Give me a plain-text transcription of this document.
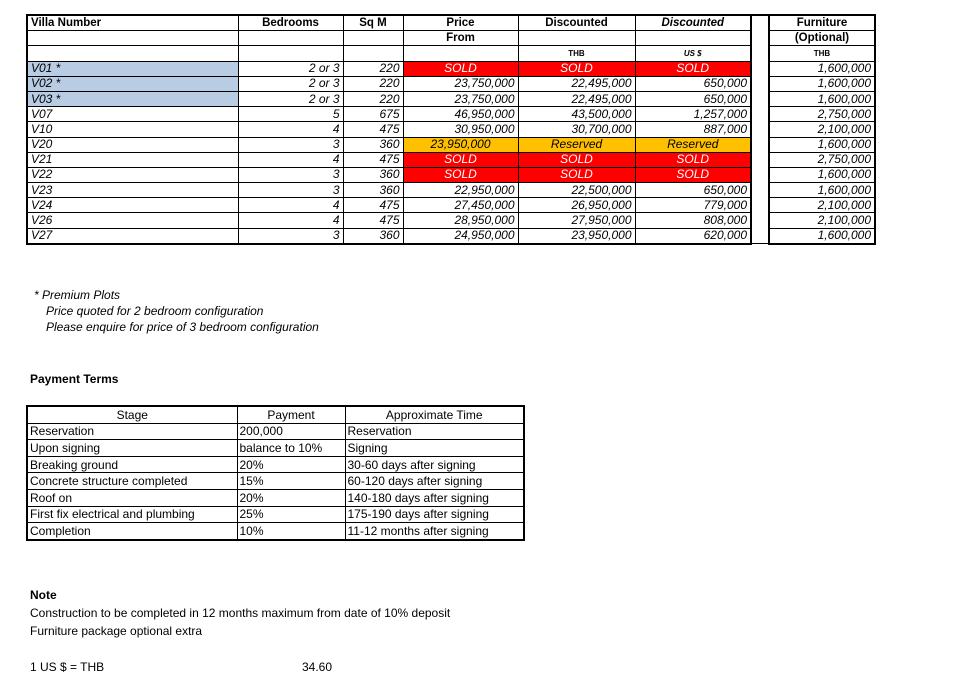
Villa Number	Bedrooms	Sq M	Price	Discounted	Discounted		Furniture
			From				(Optional)
				THB	US $		THB
V01 *	2 or 3	220	SOLD	SOLD	SOLD		1,600,000
V02 *	2 or 3	220	23,750,000	22,495,000	650,000		1,600,000
V03 *	2 or 3	220	23,750,000	22,495,000	650,000		1,600,000
V07	5	675	46,950,000	43,500,000	1,257,000		2,750,000
V10	4	475	30,950,000	30,700,000	887,000		2,100,000
V20	3	360	23,950,000	Reserved	Reserved		1,600,000
V21	4	475	SOLD	SOLD	SOLD		2,750,000
V22	3	360	SOLD	SOLD	SOLD		1,600,000
V23	3	360	22,950,000	22,500,000	650,000		1,600,000
V24	4	475	27,450,000	26,950,000	779,000		2,100,000
V26	4	475	28,950,000	27,950,000	808,000		2,100,000
V27	3	360	24,950,000	23,950,000	620,000		1,600,000
* Premium Plots
Price quoted for 2 bedroom configuration
Please enquire for price of 3 bedroom configuration
Payment Terms
Stage	Payment	Approximate Time
Reservation	200,000	Reservation
Upon signing	balance to 10%	Signing
Breaking ground	20%	30-60 days after signing
Concrete structure completed	15%	60-120 days after signing
Roof on	20%	140-180 days after signing
First fix electrical and plumbing	25%	175-190 days after signing
Completion	10%	11-12 months after signing
Note
Construction to be completed in 12 months maximum from date of 10% deposit
Furniture package optional extra
1 US $ = THB	34.60
